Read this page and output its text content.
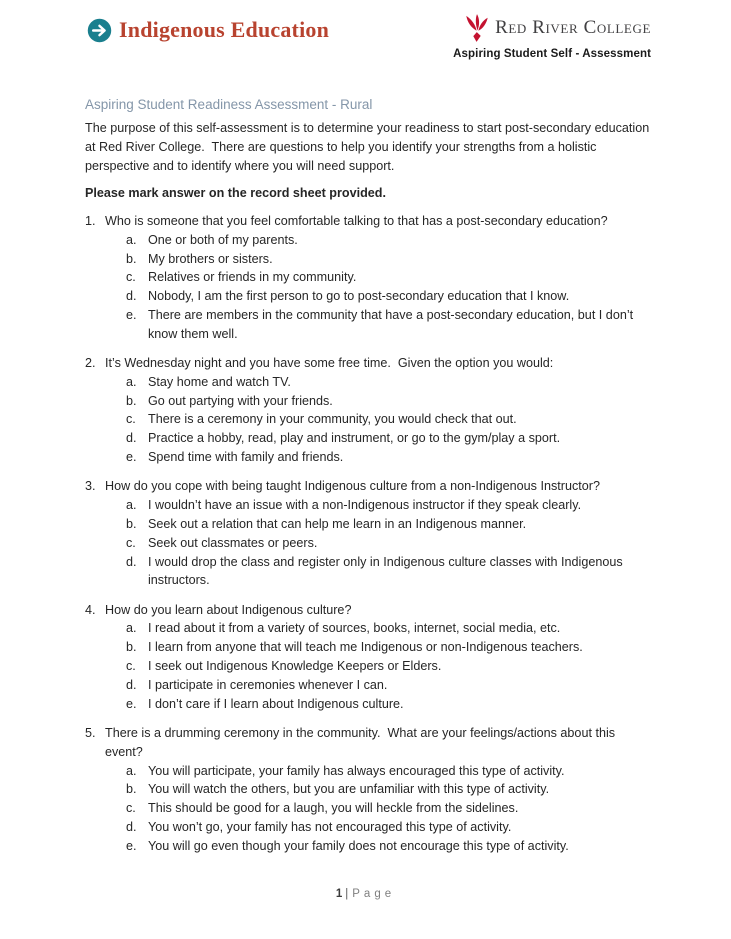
Indigenous Education	Red River College
Aspiring Student Self - Assessment
Aspiring Student Readiness Assessment - Rural

The purpose of this self-assessment is to determine your readiness to start post-secondary education at Red River College.  There are questions to help you identify your strengths from a holistic perspective and to identify where you will need support.

Please mark answer on the record sheet provided.

1. Who is someone that you feel comfortable talking to that has a post-secondary education?
a. One or both of my parents.
b. My brothers or sisters.
c. Relatives or friends in my community.
d. Nobody, I am the first person to go to post-secondary education that I know.
e. There are members in the community that have a post-secondary education, but I don’t know them well.
2. It’s Wednesday night and you have some free time.  Given the option you would:
a. Stay home and watch TV.
b. Go out partying with your friends.
c. There is a ceremony in your community, you would check that out.
d. Practice a hobby, read, play and instrument, or go to the gym/play a sport.
e. Spend time with family and friends.
3. How do you cope with being taught Indigenous culture from a non-Indigenous Instructor?
a. I wouldn’t have an issue with a non-Indigenous instructor if they speak clearly.
b. Seek out a relation that can help me learn in an Indigenous manner.
c. Seek out classmates or peers.
d. I would drop the class and register only in Indigenous culture classes with Indigenous instructors.
4. How do you learn about Indigenous culture?
a. I read about it from a variety of sources, books, internet, social media, etc.
b. I learn from anyone that will teach me Indigenous or non-Indigenous teachers.
c. I seek out Indigenous Knowledge Keepers or Elders.
d. I participate in ceremonies whenever I can.
e. I don’t care if I learn about Indigenous culture.
5. There is a drumming ceremony in the community.  What are your feelings/actions about this event?
a. You will participate, your family has always encouraged this type of activity.
b. You will watch the others, but you are unfamiliar with this type of activity.
c. This should be good for a laugh, you will heckle from the sidelines.
d. You won’t go, your family has not encouraged this type of activity.
e. You will go even though your family does not encourage this type of activity.
1 | Page
